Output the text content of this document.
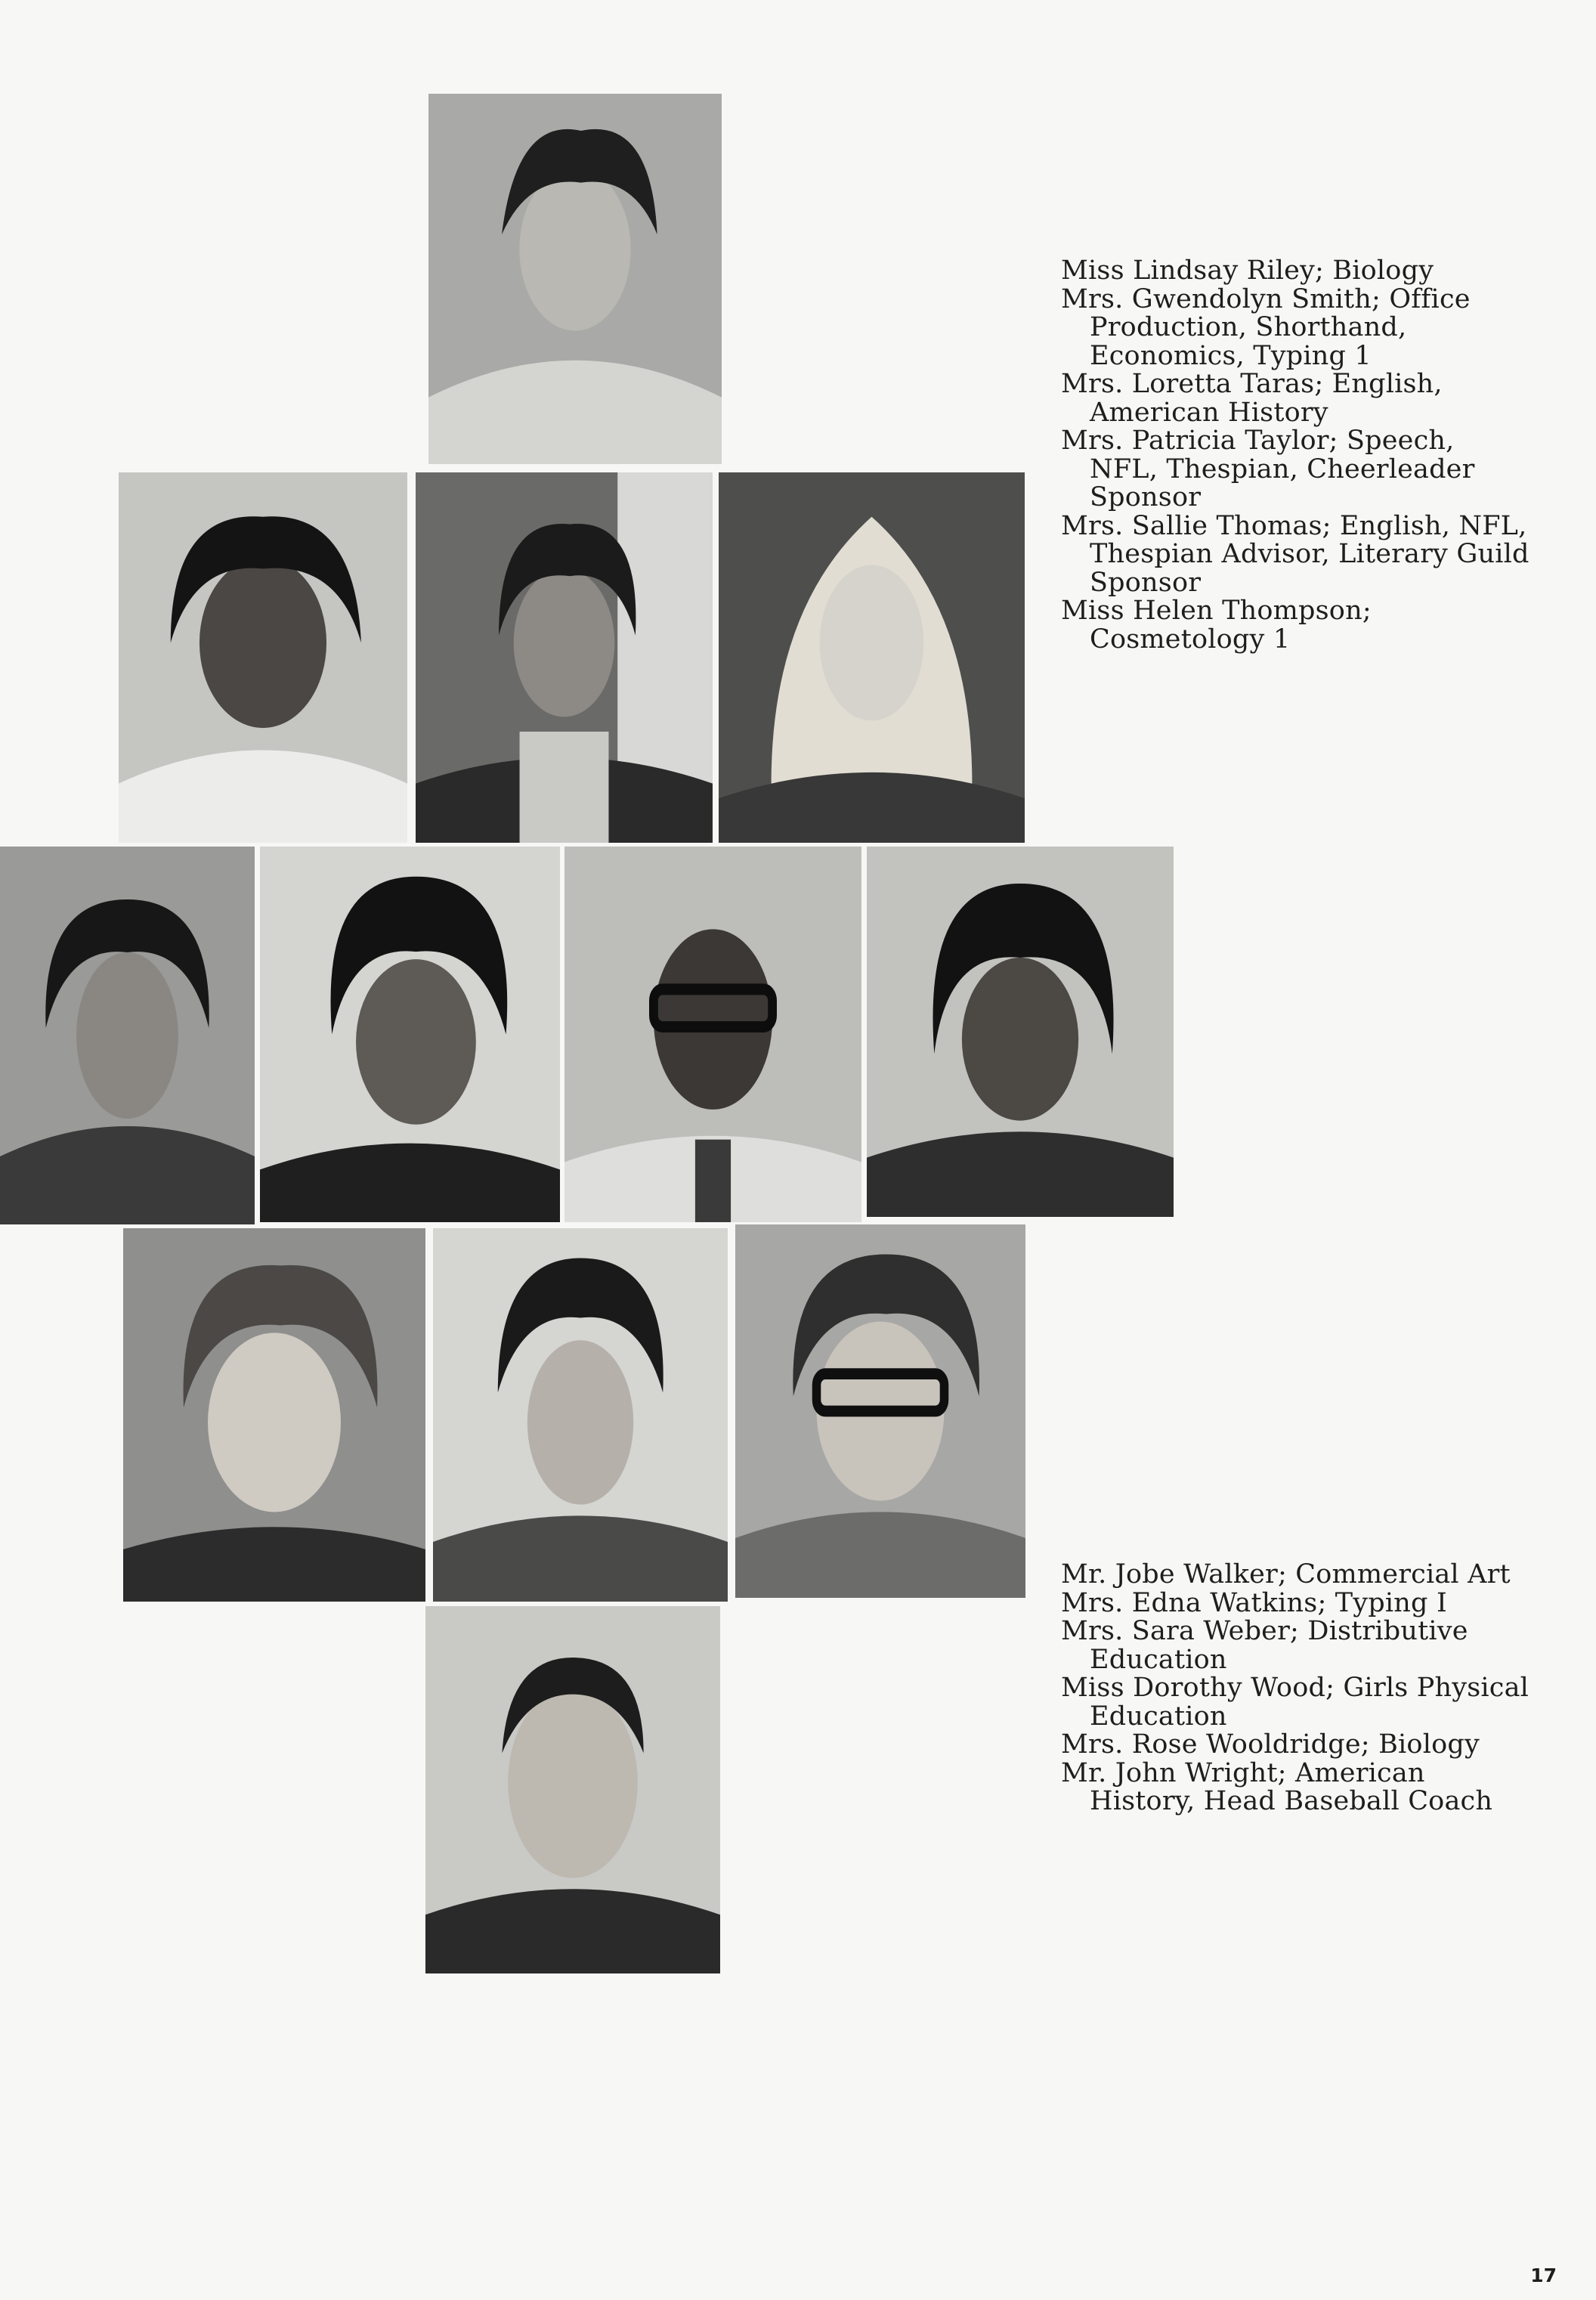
Miss Lindsay Riley; Biology

Mrs. Gwendolyn Smith; Office Production, Shorthand, Economics, Typing 1

Mrs. Loretta Taras; English, American History

Mrs. Patricia Taylor; Speech, NFL, Thespian, Cheerleader Sponsor

Mrs. Sallie Thomas; English, NFL, Thespian Advisor, Literary Guild Sponsor

Miss Helen Thompson; Cosmetology 1

Mr. Jobe Walker; Commercial Art

Mrs. Edna Watkins; Typing I

Mrs. Sara Weber; Distributive Education

Miss Dorothy Wood; Girls Physical Education

Mrs. Rose Wooldridge; Biology

Mr. John Wright; American History, Head Baseball Coach

17
